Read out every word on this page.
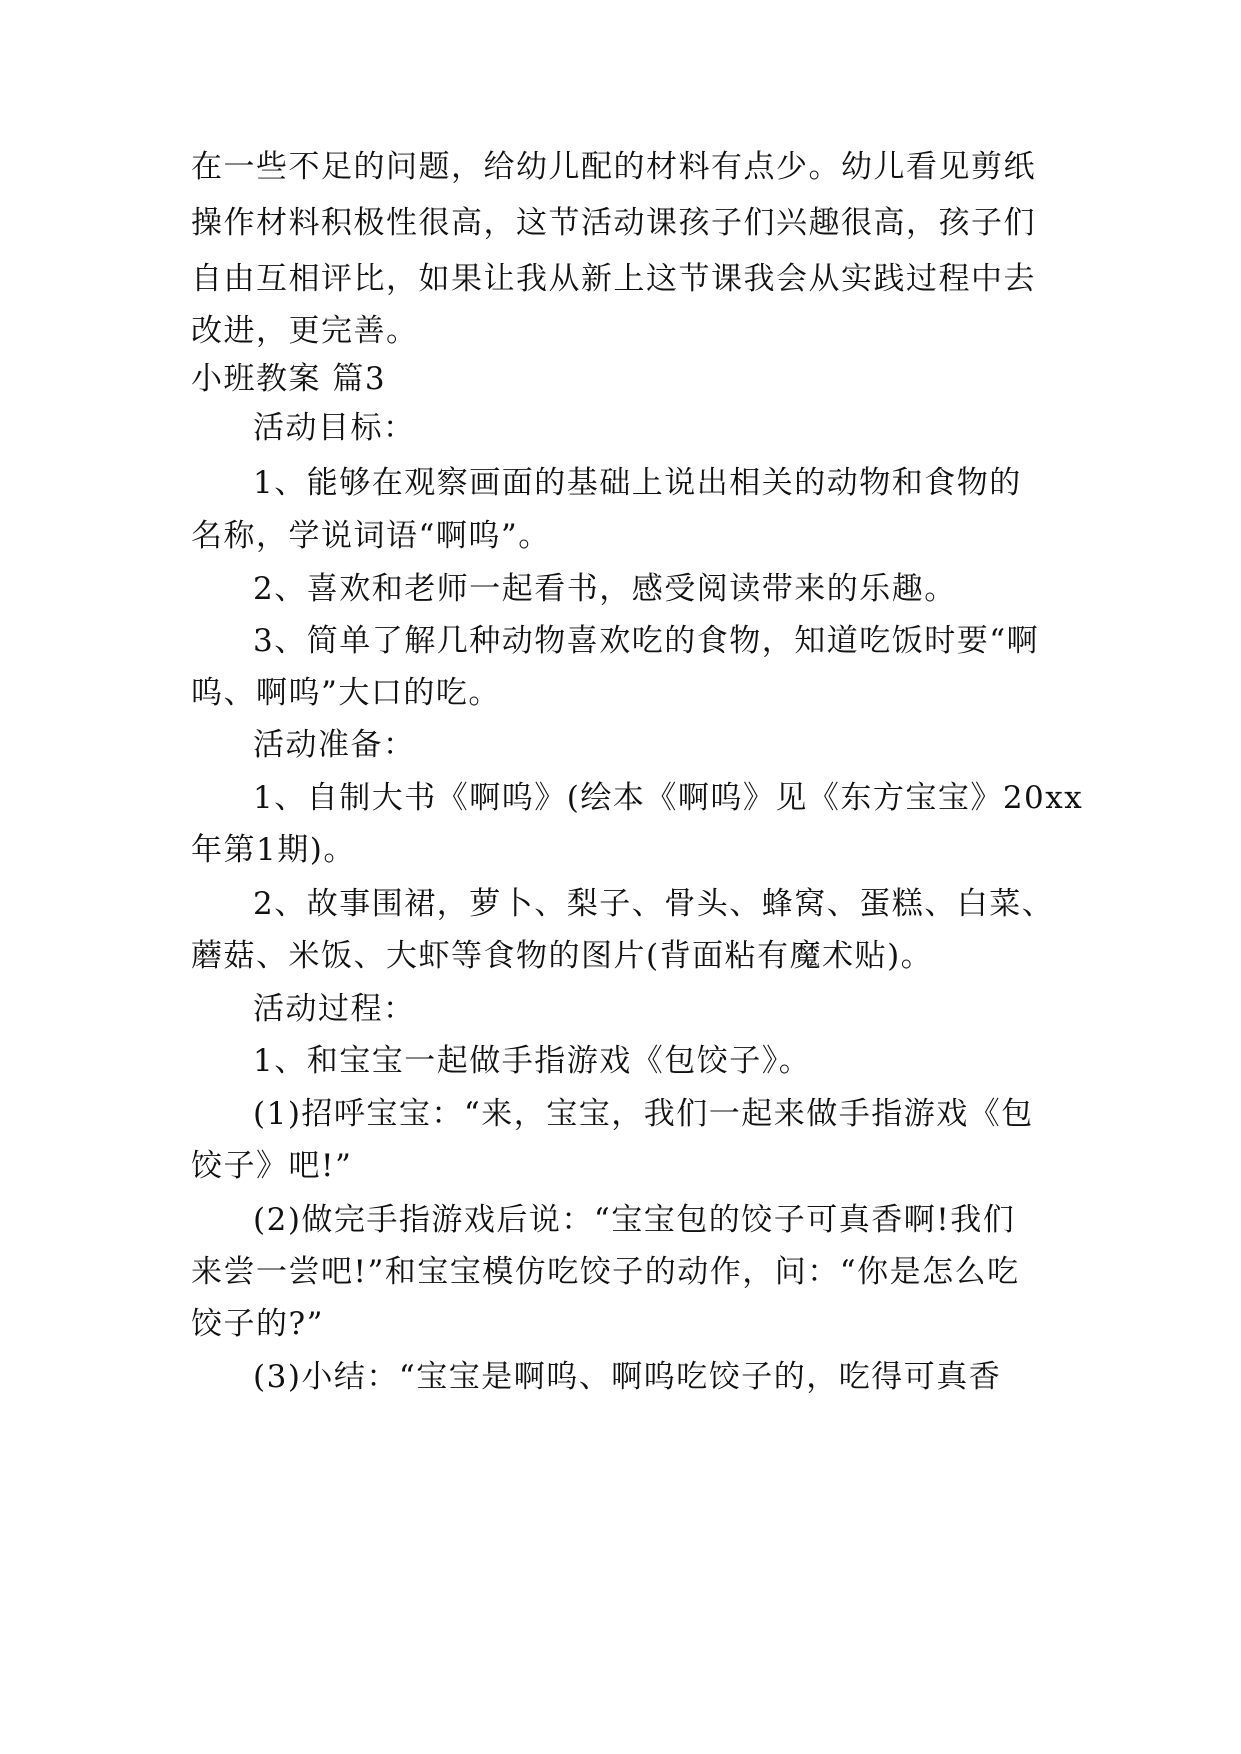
在一些不足的问题，给幼儿配的材料有点少。幼儿看见剪纸
操作材料积极性很高，这节活动课孩子们兴趣很高，孩子们
自由互相评比，如果让我从新上这节课我会从实践过程中去
改进，更完善。
小班教案 篇3
活动目标：
1、能够在观察画面的基础上说出相关的动物和食物的
名称，学说词语“啊呜”。
2、喜欢和老师一起看书，感受阅读带来的乐趣。
3、简单了解几种动物喜欢吃的食物，知道吃饭时要“啊
呜、啊呜”大口的吃。
活动准备：
1、自制大书《啊呜》(绘本《啊呜》见《东方宝宝》20xx
年第1期)。
2、故事围裙，萝卜、梨子、骨头、蜂窝、蛋糕、白菜、
蘑菇、米饭、大虾等食物的图片(背面粘有魔术贴)。
活动过程：
1、和宝宝一起做手指游戏《包饺子》。
(1)招呼宝宝：“来，宝宝，我们一起来做手指游戏《包
饺子》吧!”
(2)做完手指游戏后说：“宝宝包的饺子可真香啊!我们
来尝一尝吧!”和宝宝模仿吃饺子的动作，问：“你是怎么吃
饺子的?”
(3)小结：“宝宝是啊呜、啊呜吃饺子的，吃得可真香
